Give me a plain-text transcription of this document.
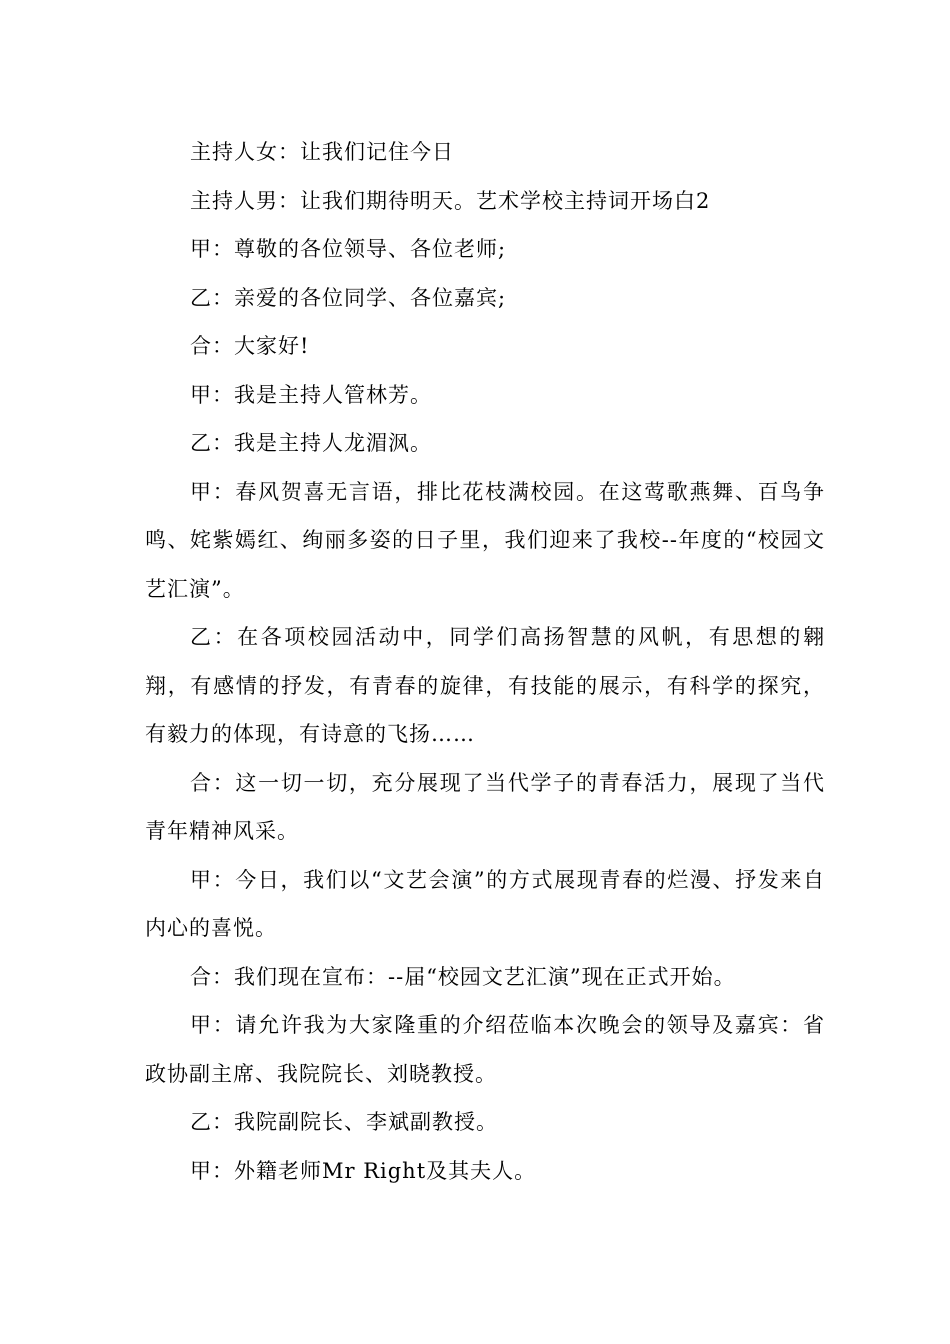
主持人女：让我们记住今日

主持人男：让我们期待明天。艺术学校主持词开场白2

甲：尊敬的各位领导、各位老师;

乙：亲爱的各位同学、各位嘉宾;

合：大家好!

甲：我是主持人管林芳。

乙：我是主持人龙湄沨。

甲：春风贺喜无言语，排比花枝满校园。在这莺歌燕舞、百鸟争鸣、姹紫嫣红、绚丽多姿的日子里，我们迎来了我校--年度的“校园文艺汇演”。

乙：在各项校园活动中，同学们高扬智慧的风帆，有思想的翱翔，有感情的抒发，有青春的旋律，有技能的展示，有科学的探究，有毅力的体现，有诗意的飞扬……

合：这一切一切，充分展现了当代学子的青春活力，展现了当代青年精神风采。

甲：今日，我们以“文艺会演”的方式展现青春的烂漫、抒发来自内心的喜悦。

合：我们现在宣布：--届“校园文艺汇演”现在正式开始。

甲：请允许我为大家隆重的介绍莅临本次晚会的领导及嘉宾：省政协副主席、我院院长、刘晓教授。

乙：我院副院长、李斌副教授。

甲：外籍老师Mr Right及其夫人。
